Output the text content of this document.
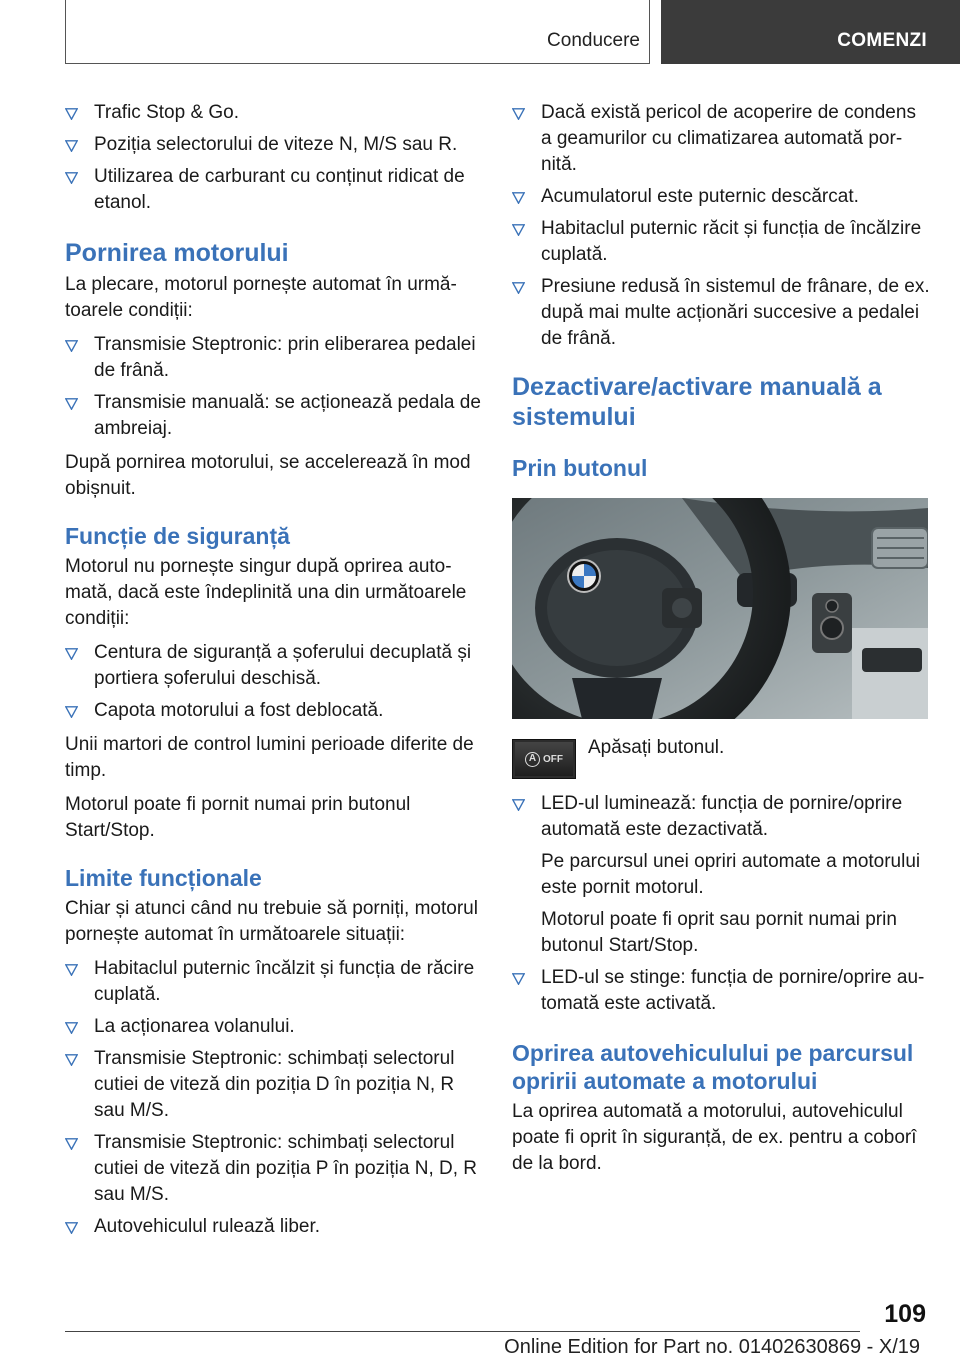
Conducere	COMENZI
Trafic Stop & Go.
Poziția selectorului de viteze N, M/S sau R.
Utilizarea de carburant cu conținut ridicat de etanol.
Pornirea motorului
La plecare, motorul pornește automat în urmă-toarele condiții:
Transmisie Steptronic: prin eliberarea pedalei de frână.
Transmisie manuală: se acționează pedala de ambreiaj.
După pornirea motorului, se accelerează în mod obișnuit.
Funcție de siguranță
Motorul nu pornește singur după oprirea auto-mată, dacă este îndeplinită una din următoarele condiții:
Centura de siguranță a șoferului decuplată și portiera șoferului deschisă.
Capota motorului a fost deblocată.
Unii martori de control lumini perioade diferite de timp.
Motorul poate fi pornit numai prin butonul Start/Stop.
Limite funcționale
Chiar și atunci când nu trebuie să porniți, motorul pornește automat în următoarele situații:
Habitaclul puternic încălzit și funcția de răcire cuplată.
La acționarea volanului.
Transmisie Steptronic: schimbați selectorul cutiei de viteză din poziția D în poziția N, R sau M/S.
Transmisie Steptronic: schimbați selectorul cutiei de viteză din poziția P în poziția N, D, R sau M/S.
Autovehiculul rulează liber.
Dacă există pericol de acoperire de condens a geamurilor cu climatizarea automată por-nită.
Acumulatorul este puternic descărcat.
Habitaclul puternic răcit și funcția de încălzire cuplată.
Presiune redusă în sistemul de frânare, de ex. după mai multe acționări succesive a pedalei de frână.
Dezactivare/activare manuală a sistemului
Prin butonul
A OFF
Apăsați butonul.
LED-ul luminează: funcția de pornire/oprire automată este dezactivată.
Pe parcursul unei opriri automate a motorului este pornit motorul.
Motorul poate fi oprit sau pornit numai prin butonul Start/Stop.
LED-ul se stinge: funcția de pornire/oprire au-tomată este activată.
Oprirea autovehiculului pe parcursul opririi automate a motorului
La oprirea automată a motorului, autovehiculul poate fi oprit în siguranță, de ex. pentru a coborî de la bord.
109
Online Edition for Part no. 01402630869 - X/19
